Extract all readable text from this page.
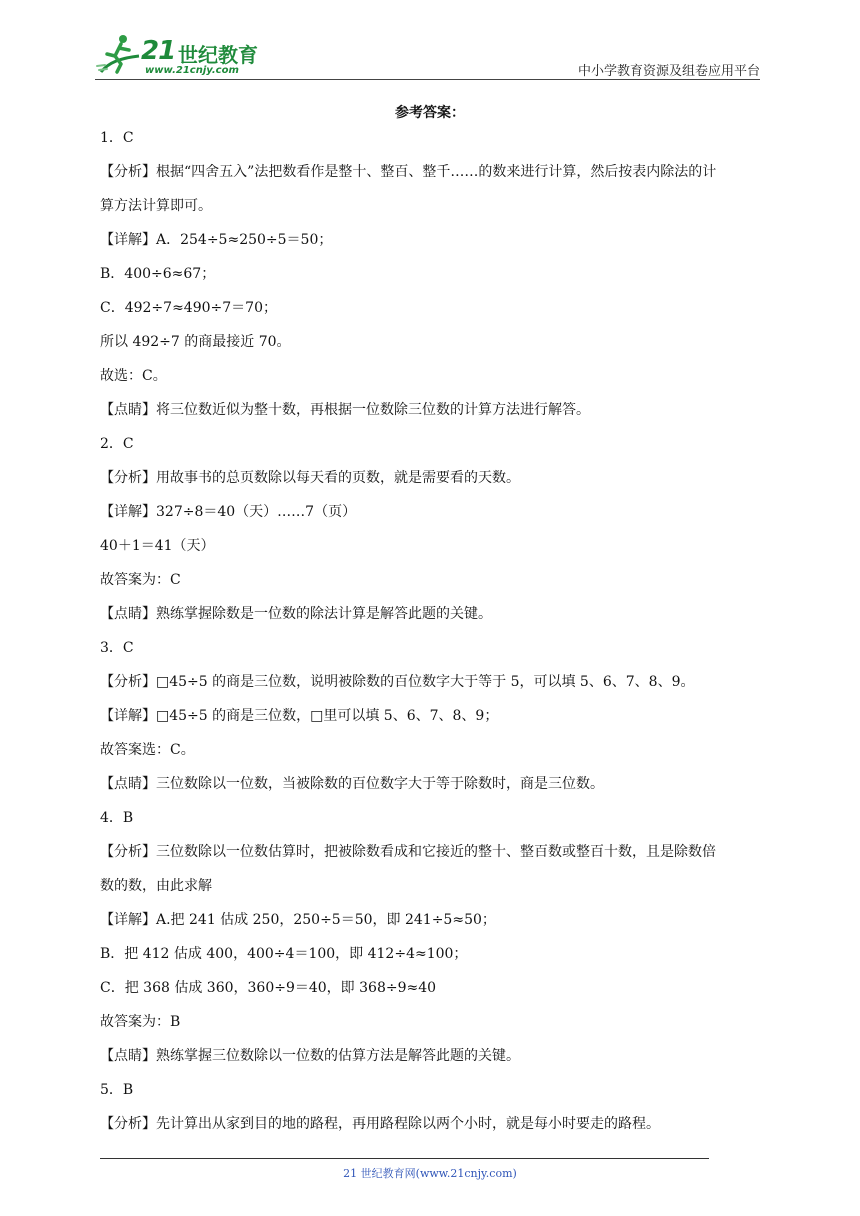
21 世纪教育
www.21cnjy.com	中小学教育资源及组卷应用平台
参考答案：

1．C

【分析】根据“四舍五入”法把数看作是整十、整百、整千……的数来进行计算，然后按表内除法的计

算方法计算即可。

【详解】A．254÷5≈250÷5＝50；

B．400÷6≈67；

C．492÷7≈490÷7＝70；

所以 492÷7 的商最接近 70。

故选：C。

【点睛】将三位数近似为整十数，再根据一位数除三位数的计算方法进行解答。

2．C

【分析】用故事书的总页数除以每天看的页数，就是需要看的天数。

【详解】327÷8＝40（天）……7（页）

40＋1＝41（天）

故答案为：C

【点睛】熟练掌握除数是一位数的除法计算是解答此题的关键。

3．C

【分析】□45÷5 的商是三位数，说明被除数的百位数字大于等于 5，可以填 5、6、7、8、9。

【详解】□45÷5 的商是三位数，□里可以填 5、6、7、8、9；

故答案选：C。

【点睛】三位数除以一位数，当被除数的百位数字大于等于除数时，商是三位数。

4．B

【分析】三位数除以一位数估算时，把被除数看成和它接近的整十、整百数或整百十数，且是除数倍

数的数，由此求解

【详解】A.把 241 估成 250，250÷5＝50，即 241÷5≈50；

B．把 412 估成 400，400÷4＝100，即 412÷4≈100；

C．把 368 估成 360，360÷9＝40，即 368÷9≈40

故答案为：B

【点睛】熟练掌握三位数除以一位数的估算方法是解答此题的关键。

5．B

【分析】先计算出从家到目的地的路程，再用路程除以两个小时，就是每小时要走的路程。

21 世纪教育网(www.21cnjy.com)
